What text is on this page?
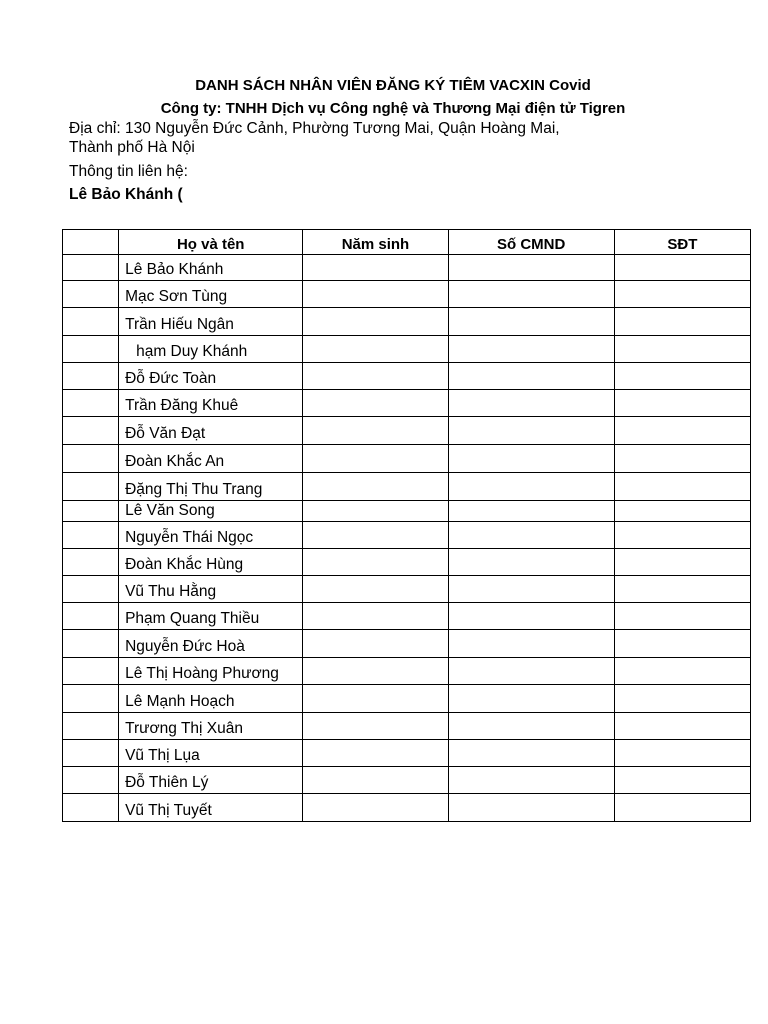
DANH SÁCH NHÂN VIÊN ĐĂNG KÝ TIÊM VACXIN Covid
Công ty: TNHH Dịch vụ Công nghệ và Thương Mại điện tử Tigren
Địa chỉ: 130 Nguyễn Đức Cảnh, Phường Tương Mai, Quận Hoàng Mai,
Thành phố Hà Nội
Thông tin liên hệ:
Lê Bảo Khánh (
	Họ và tên	Năm sinh	Số CMND	SĐT
	Lê Bảo Khánh			
	Mạc Sơn Tùng			
	Trần Hiếu Ngân			
	hạm Duy Khánh			
	Đỗ Đức Toàn			
	Trần Đăng Khuê			
	Đỗ Văn Đạt			
	Đoàn Khắc An			
	Đặng Thị Thu Trang			
	Lê Văn Song			
	Nguyễn Thái Ngọc			
	Đoàn Khắc Hùng			
	Vũ Thu Hằng			
	Phạm Quang Thiều			
	Nguyễn Đức Hoà			
	Lê Thị Hoàng Phương			
	Lê Mạnh Hoạch			
	Trương Thị Xuân			
	Vũ Thị Lụa			
	Đỗ Thiên Lý			
	Vũ Thị Tuyết			
